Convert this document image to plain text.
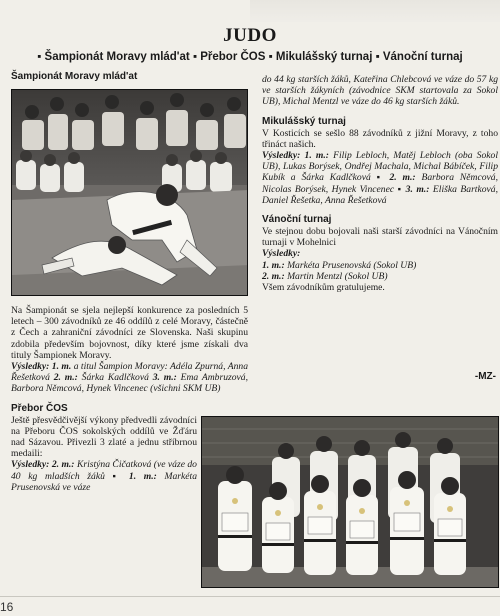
JUDO
▪ Šampionát Moravy mlád'at ▪ Přebor ČOS ▪ Mikulášský turnaj ▪ Vánoční turnaj
Šampionát Moravy mlád'at

Na Šampionát se sjela nejlepší konkurence za posledních 5 letech – 300 závodníků ze 46 oddílů z celé Moravy, částečně z Čech a zahraniční závodníci ze Slovenska. Naši skupinu zdobila především bojovnost, díky které jsme získali dva tituly Šampionek Moravy.

Výsledky: 1. m. a titul Šampion Moravy: Adéla Zpurná, Anna Řešetková 2. m.: Šárka Kadlčková 3. m.: Ema Ambruzová, Barbora Němcová, Hynek Vincenec (všichni SKM UB)

Přebor ČOS

Ještě přesvědčivější výkony předvedli závodníci na Přeboru ČOS sokolských oddílů ve Žďáru nad Sázavou. Přivezli 3 zlaté a jednu stříbrnou medaili:

Výsledky: 2. m.: Kristýna Čičatková (ve váze do 40 kg mladších žáků ▪ 1. m.: Markéta Prusenovská ve váze

do 44 kg starších žáků, Kateřina Chlebcová ve váze do 57 kg ve starších žákyních (závodnice SKM startovala za Sokol UB), Michal Mentzl ve váze do 46 kg starších žáků.

Mikulášský turnaj

V Kosticích se sešlo 88 závodníků z jižní Moravy, z toho třináct našich.

Výsledky: 1. m.: Filip Lebloch, Matěj Lebloch (oba Sokol UB), Lukas Borýsek, Ondřej Machala, Michal Bábíček, Filip Kubík a Šárka Kadlčková ▪ 2. m.: Barbora Němcová, Nicolas Borýsek, Hynek Vincenec ▪ 3. m.: Eliška Bartková, Daniel Řešetka, Anna Řešetková

Vánoční turnaj

Ve stejnou dobu bojovali naši starší závodníci na Vánočním turnaji v Mohelnici

Výsledky:

1. m.: Markéta Prusenovská (Sokol UB)

2. m.: Martin Mentzl (Sokol UB)

Všem závodníkům gratulujeme.

-MZ-
16
